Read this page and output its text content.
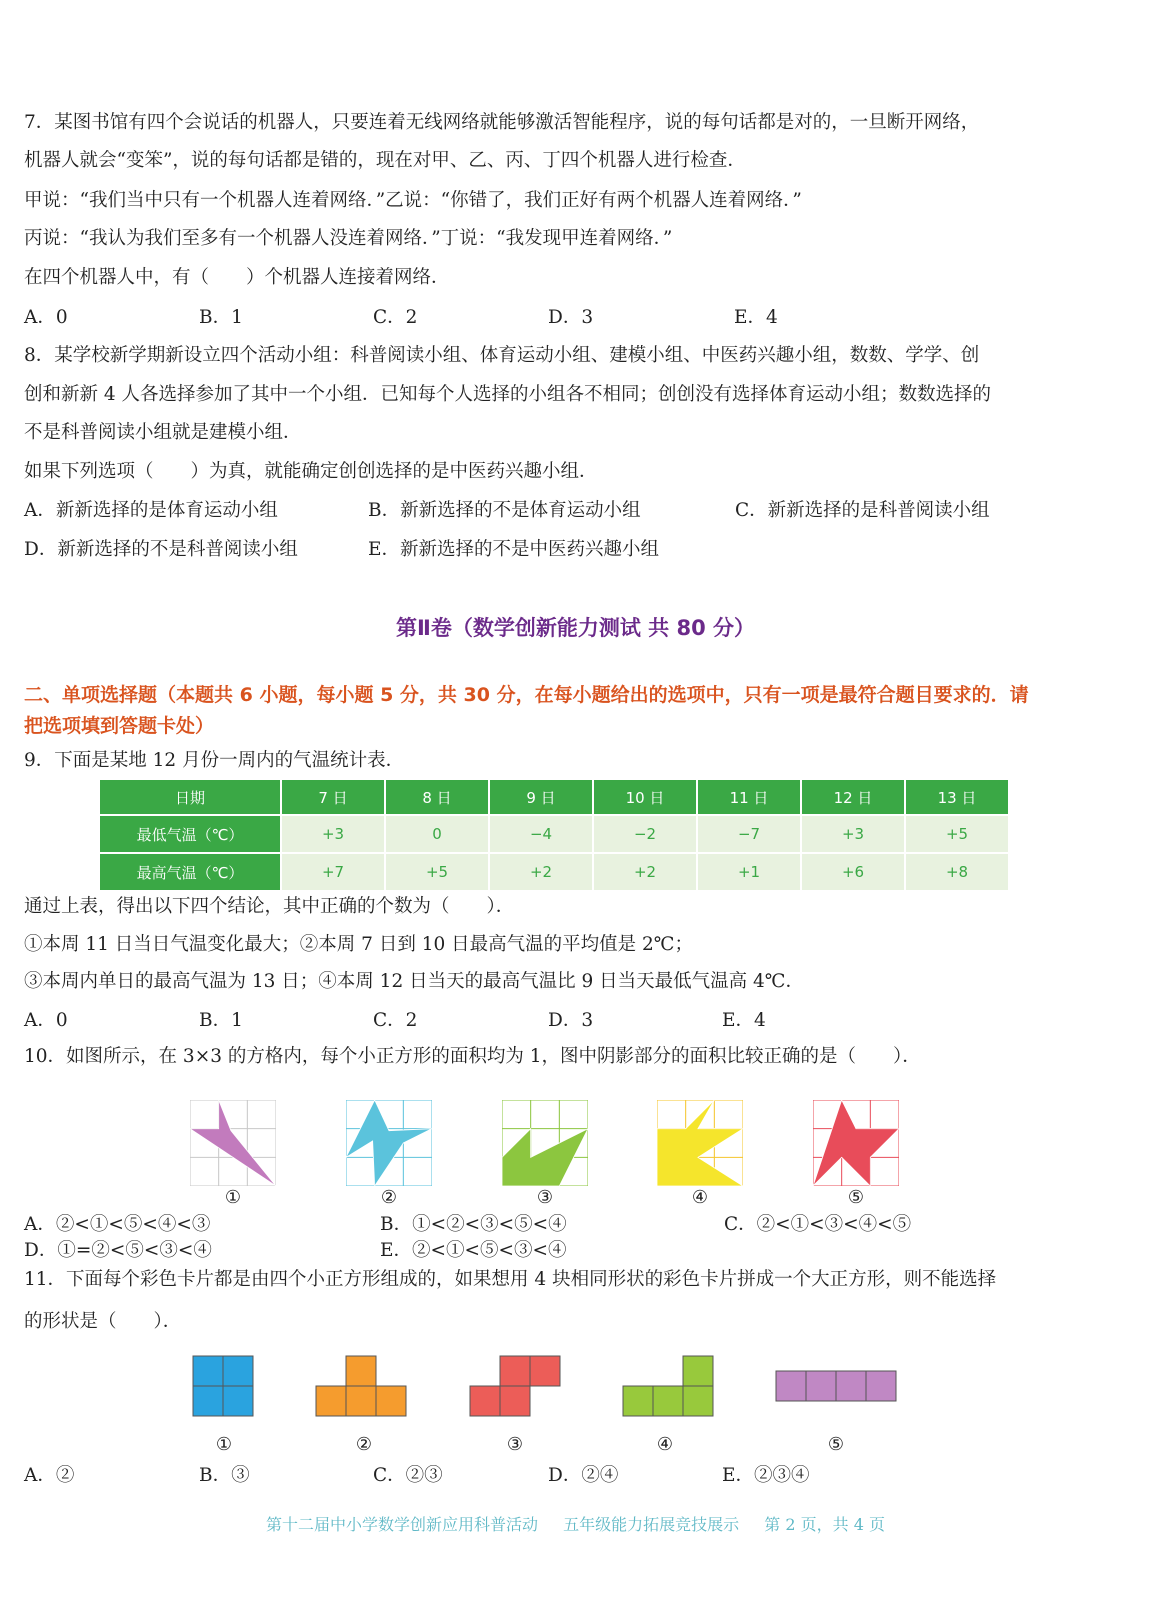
7．某图书馆有四个会说话的机器人，只要连着无线网络就能够激活智能程序，说的每句话都是对的，一旦断开网络，
机器人就会“变笨”，说的每句话都是错的，现在对甲、乙、丙、丁四个机器人进行检查．
甲说：“我们当中只有一个机器人连着网络．”乙说：“你错了，我们正好有两个机器人连着网络．”
丙说：“我认为我们至多有一个机器人没连着网络．”丁说：“我发现甲连着网络．”
在四个机器人中，有（　　）个机器人连接着网络．
A．0	B．1	C．2	D．3	E．4
8．某学校新学期新设立四个活动小组：科普阅读小组、体育运动小组、建模小组、中医药兴趣小组，数数、学学、创
创和新新 4 人各选择参加了其中一个小组．已知每个人选择的小组各不相同；创创没有选择体育运动小组；数数选择的
不是科普阅读小组就是建模小组．
如果下列选项（　　）为真，就能确定创创选择的是中医药兴趣小组．
A．新新选择的是体育运动小组	B．新新选择的不是体育运动小组	C．新新选择的是科普阅读小组
D．新新选择的不是科普阅读小组	E．新新选择的不是中医药兴趣小组
第Ⅱ卷（数学创新能力测试 共 80 分）
二、单项选择题（本题共 6 小题，每小题 5 分，共 30 分，在每小题给出的选项中，只有一项是最符合题目要求的．请
把选项填到答题卡处）
9．下面是某地 12 月份一周内的气温统计表．
日期	7 日	8 日	9 日	10 日	11 日	12 日	13 日
最低气温（℃）	+3	0	−4	−2	−7	+3	+5
最高气温（℃）	+7	+5	+2	+2	+1	+6	+8
通过上表，得出以下四个结论，其中正确的个数为（　　）．
①本周 11 日当日气温变化最大；②本周 7 日到 10 日最高气温的平均值是 2℃；
③本周内单日的最高气温为 13 日；④本周 12 日当天的最高气温比 9 日当天最低气温高 4℃．
A．0	B．1	C．2	D．3	E．4
10．如图所示，在 3×3 的方格内，每个小正方形的面积均为 1，图中阴影部分的面积比较正确的是（　　）．
①	②	③	④	⑤
A．②<①<⑤<④<③	B．①<②<③<⑤<④	C．②<①<③<④<⑤
D．①=②<⑤<③<④	E．②<①<⑤<③<④
11．下面每个彩色卡片都是由四个小正方形组成的，如果想用 4 块相同形状的彩色卡片拼成一个大正方形，则不能选择
的形状是（　　）．
①	②	③	④	⑤
A．②	B．③	C．②③	D．②④	E．②③④
第十二届中小学数学创新应用科普活动 五年级能力拓展竞技展示 第 2 页，共 4 页
